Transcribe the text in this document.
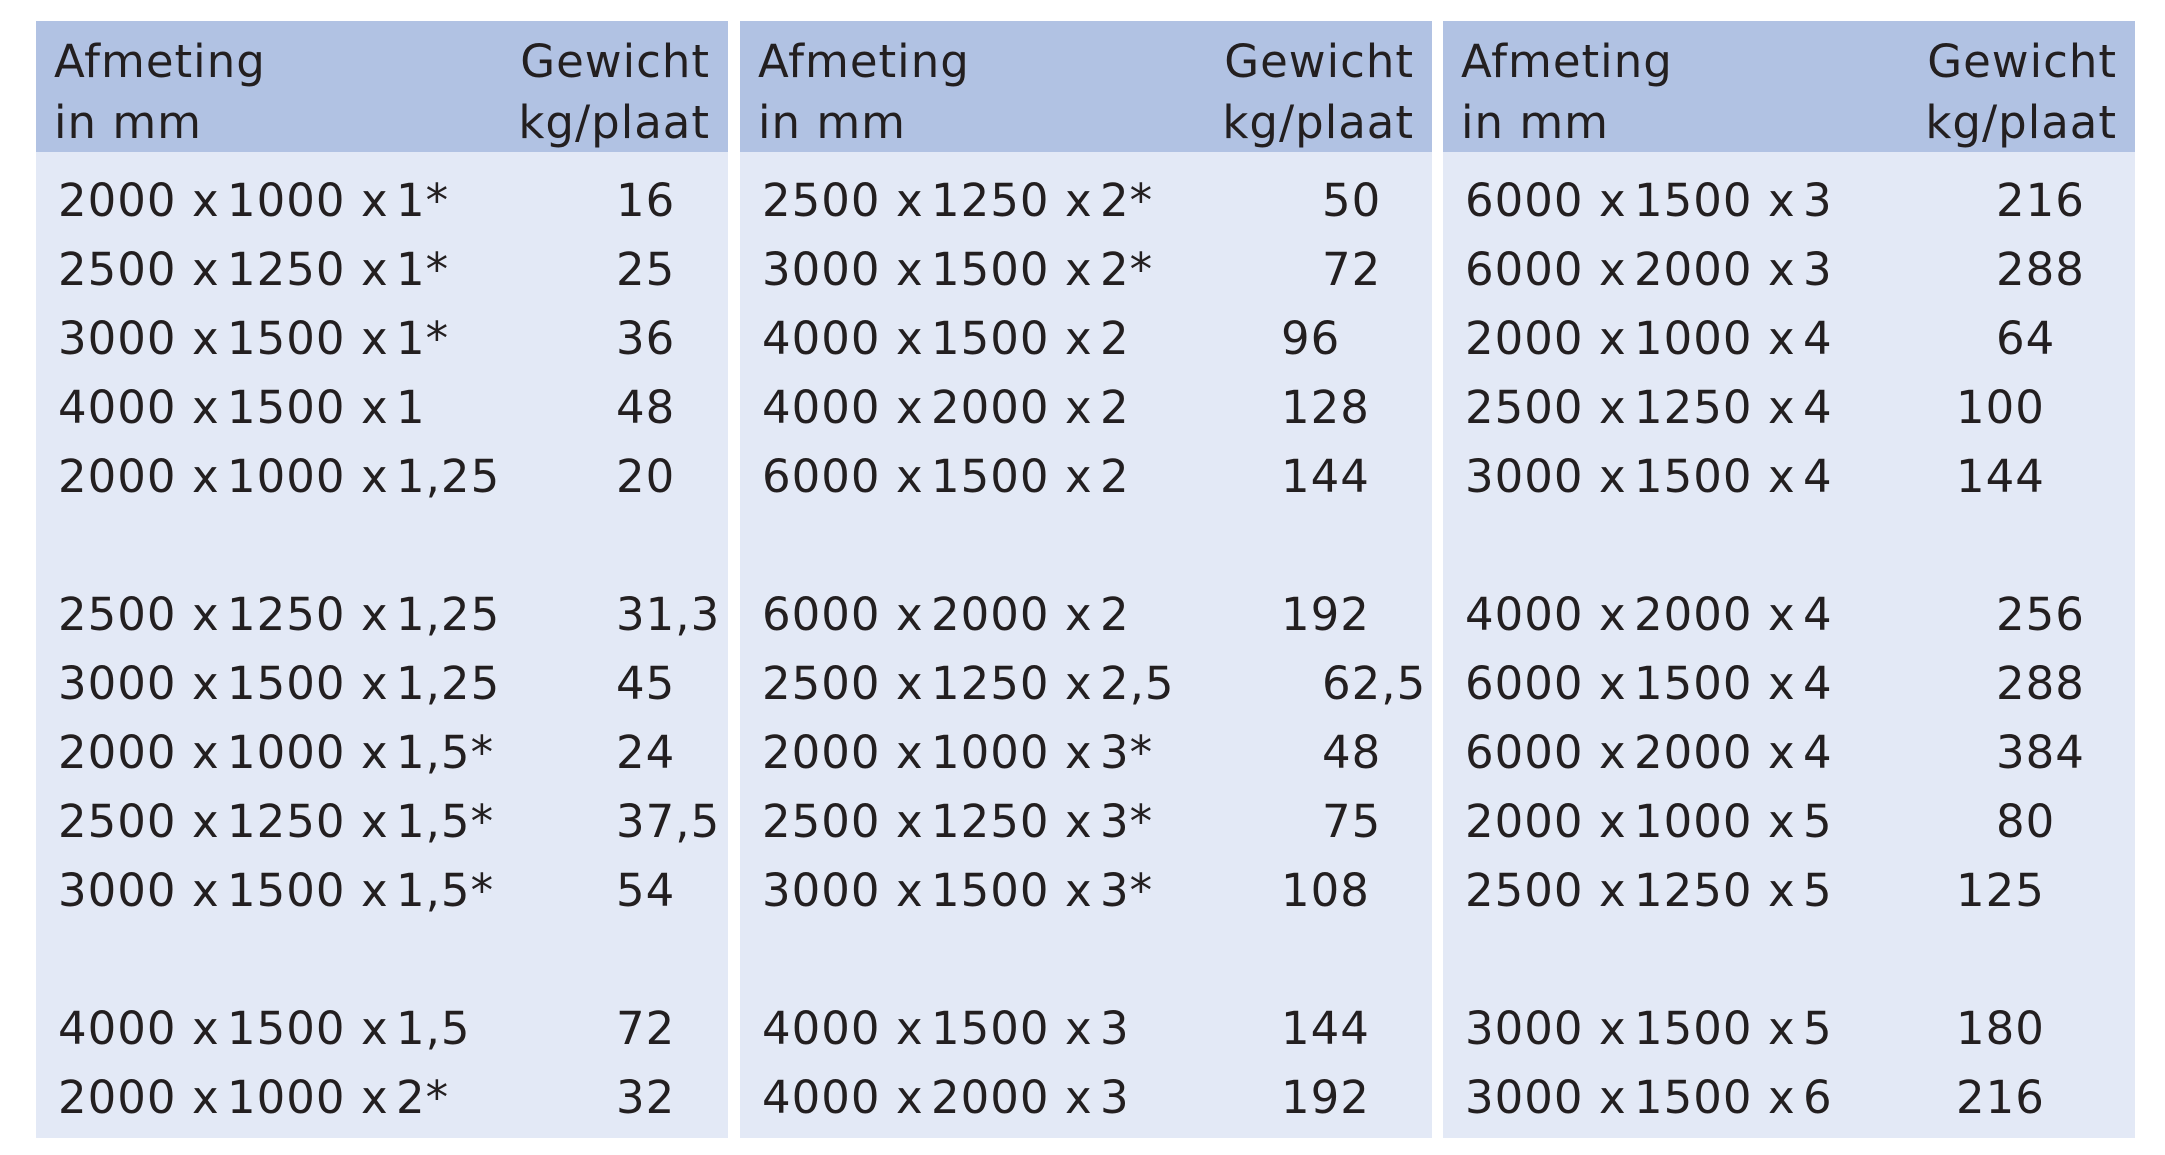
Afmeting
in mm
Gewicht
kg/plaat
2000 x 1000 x 1*	16
2500 x 1250 x 1*	25
3000 x 1500 x 1*	36
4000 x 1500 x 1	48
2000 x 1000 x 1,25	20
2500 x 1250 x 1,25	31,3
3000 x 1500 x 1,25	45
2000 x 1000 x 1,5*	24
2500 x 1250 x 1,5*	37,5
3000 x 1500 x 1,5*	54
4000 x 1500 x 1,5	72
2000 x 1000 x 2*	32
Afmeting
in mm
Gewicht
kg/plaat
2500 x 1250 x 2*	50
3000 x 1500 x 2*	72
4000 x 1500 x 2	96
4000 x 2000 x 2	128
6000 x 1500 x 2	144
6000 x 2000 x 2	192
2500 x 1250 x 2,5	62,5
2000 x 1000 x 3*	48
2500 x 1250 x 3*	75
3000 x 1500 x 3*	108
4000 x 1500 x 3	144
4000 x 2000 x 3	192
Afmeting
in mm
Gewicht
kg/plaat
6000 x 1500 x 3	216
6000 x 2000 x 3	288
2000 x 1000 x 4	64
2500 x 1250 x 4	100
3000 x 1500 x 4	144
4000 x 2000 x 4	256
6000 x 1500 x 4	288
6000 x 2000 x 4	384
2000 x 1000 x 5	80
2500 x 1250 x 5	125
3000 x 1500 x 5	180
3000 x 1500 x 6	216
